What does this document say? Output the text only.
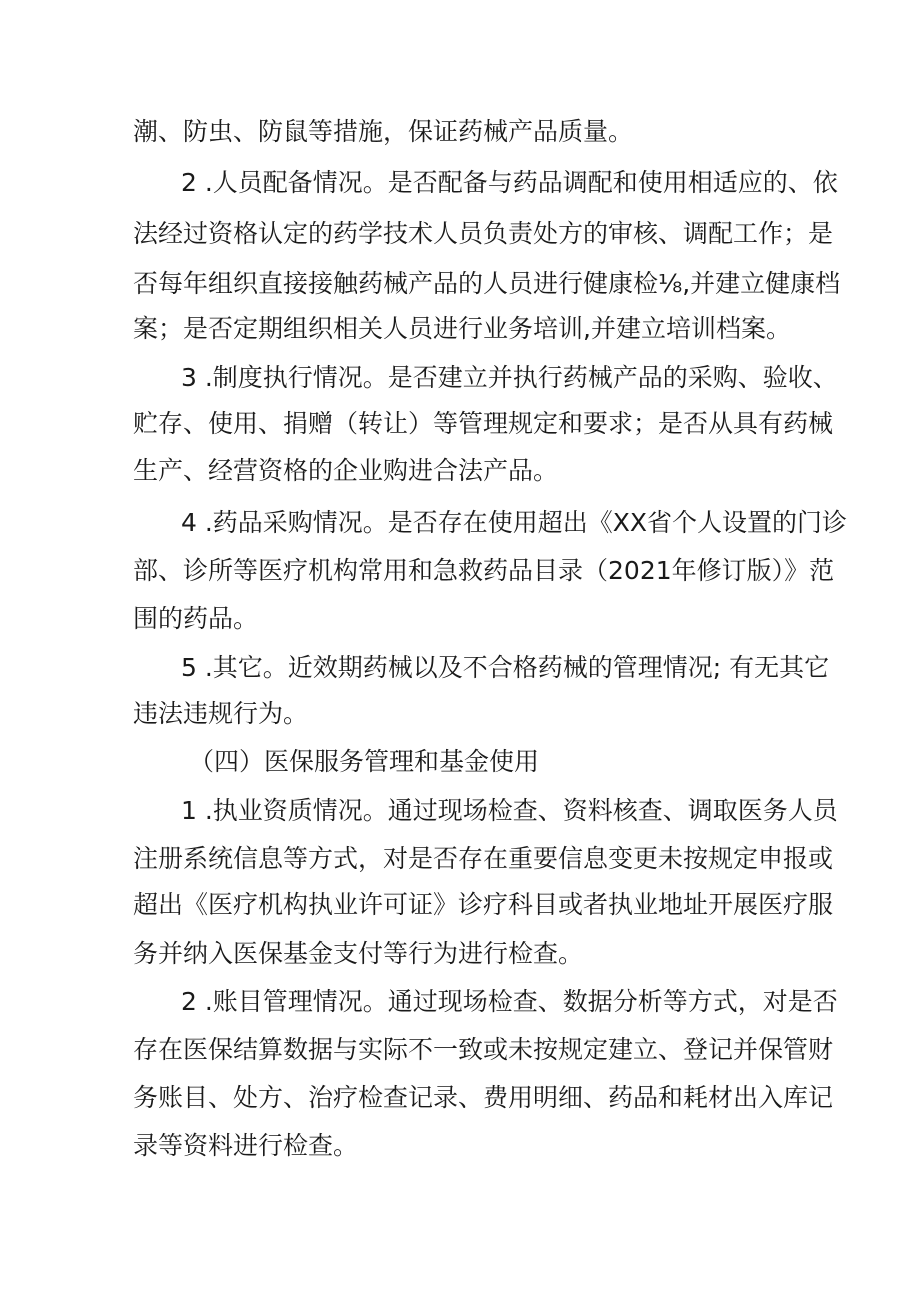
潮、防虫、防鼠等措施，保证药械产品质量。
2 .人员配备情况。是否配备与药品调配和使用相适应的、依
法经过资格认定的药学技术人员负责处方的审核、调配工作；是
否每年组织直接接触药械产品的人员进行健康检⅛,并建立健康档
案；是否定期组织相关人员进行业务培训,并建立培训档案。
3 .制度执行情况。是否建立并执行药械产品的采购、验收、
贮存、使用、捐赠（转让）等管理规定和要求；是否从具有药械
生产、经营资格的企业购进合法产品。
4 .药品采购情况。是否存在使用超出《XX省个人设置的门诊
部、诊所等医疗机构常用和急救药品目录（2021年修订版）》范
围的药品。
5 .其它。近效期药械以及不合格药械的管理情况; 有无其它
违法违规行为。
（四）医保服务管理和基金使用
1 .执业资质情况。通过现场检查、资料核查、调取医务人员
注册系统信息等方式，对是否存在重要信息变更未按规定申报或
超出《医疗机构执业许可证》诊疗科目或者执业地址开展医疗服
务并纳入医保基金支付等行为进行检查。
2 .账目管理情况。通过现场检查、数据分析等方式，对是否
存在医保结算数据与实际不一致或未按规定建立、登记并保管财
务账目、处方、治疗检查记录、费用明细、药品和耗材出入库记
录等资料进行检查。
